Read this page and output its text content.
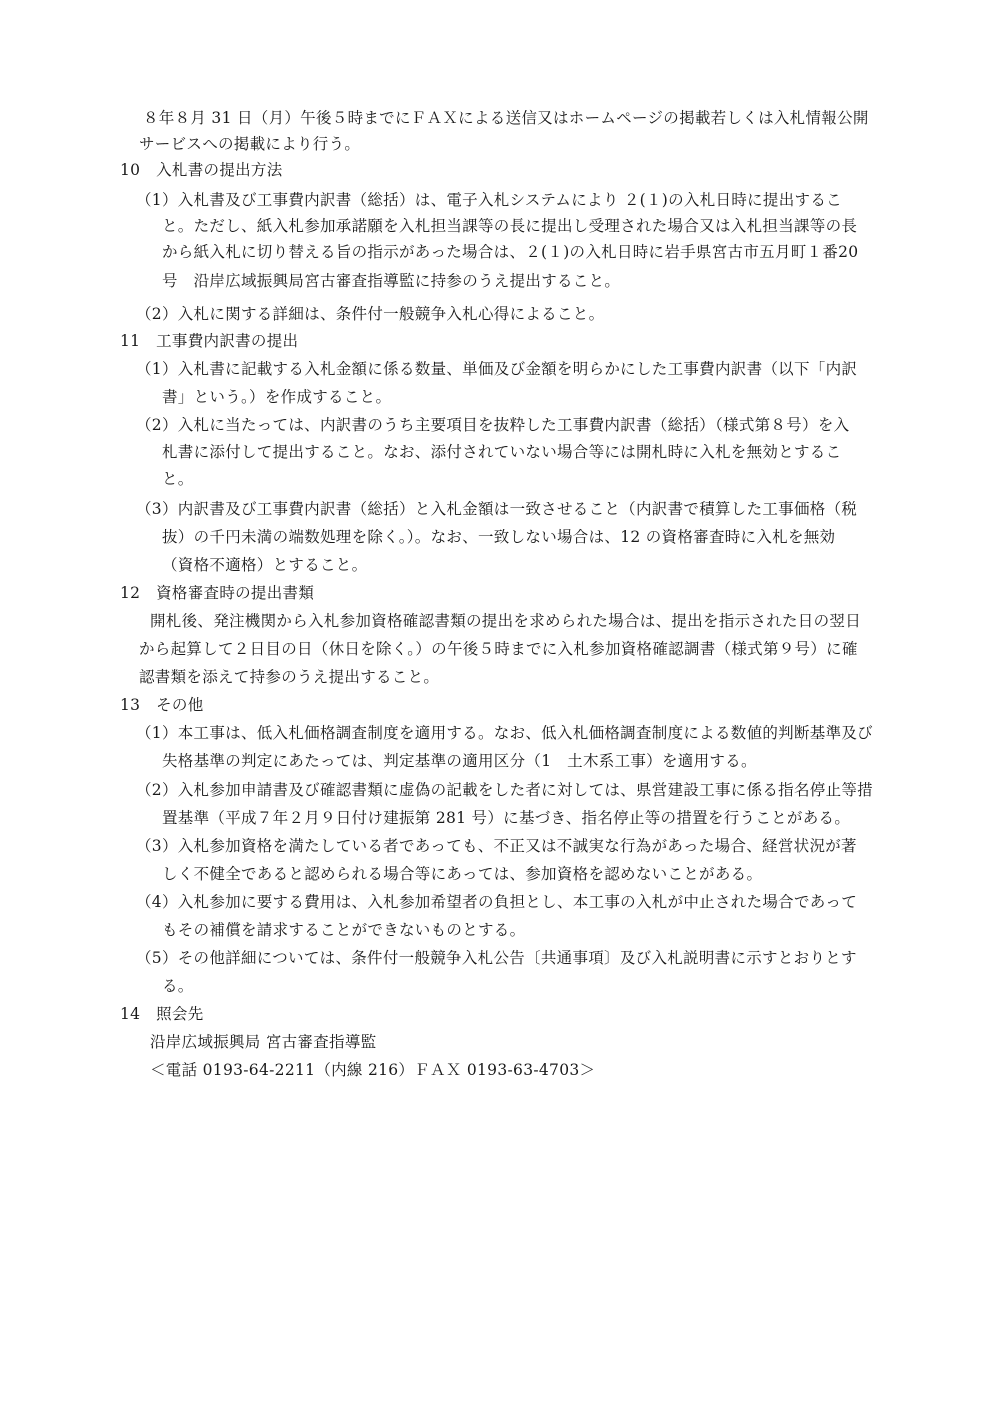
８年８月 31 日（月）午後５時までにＦＡＸによる送信又はホームページの掲載若しくは入札情報公開
サービスへの掲載により行う。
10　入札書の提出方法
（1）入札書及び工事費内訳書（総括）は、電子入札システムにより ２(１)の入札日時に提出するこ
と。ただし、紙入札参加承諾願を入札担当課等の長に提出し受理された場合又は入札担当課等の長
から紙入札に切り替える旨の指示があった場合は、２(１)の入札日時に岩手県宮古市五月町１番20
号　沿岸広域振興局宮古審査指導監に持参のうえ提出すること。
（2）入札に関する詳細は、条件付一般競争入札心得によること。
11　工事費内訳書の提出
（1）入札書に記載する入札金額に係る数量、単価及び金額を明らかにした工事費内訳書（以下「内訳
書」という。）を作成すること。
（2）入札に当たっては、内訳書のうち主要項目を抜粋した工事費内訳書（総括）（様式第８号）を入
札書に添付して提出すること。なお、添付されていない場合等には開札時に入札を無効とするこ
と。
（3）内訳書及び工事費内訳書（総括）と入札金額は一致させること（内訳書で積算した工事価格（税
抜）の千円未満の端数処理を除く。）。なお、一致しない場合は、12 の資格審査時に入札を無効
（資格不適格）とすること。
12　資格審査時の提出書類
開札後、発注機関から入札参加資格確認書類の提出を求められた場合は、提出を指示された日の翌日
から起算して２日目の日（休日を除く。）の午後５時までに入札参加資格確認調書（様式第９号）に確
認書類を添えて持参のうえ提出すること。
13　その他
（1）本工事は、低入札価格調査制度を適用する。なお、低入札価格調査制度による数値的判断基準及び
失格基準の判定にあたっては、判定基準の適用区分（1　土木系工事）を適用する。
（2）入札参加申請書及び確認書類に虚偽の記載をした者に対しては、県営建設工事に係る指名停止等措
置基準（平成７年２月９日付け建振第 281 号）に基づき、指名停止等の措置を行うことがある。
（3）入札参加資格を満たしている者であっても、不正又は不誠実な行為があった場合、経営状況が著
しく不健全であると認められる場合等にあっては、参加資格を認めないことがある。
（4）入札参加に要する費用は、入札参加希望者の負担とし、本工事の入札が中止された場合であって
もその補償を請求することができないものとする。
（5）その他詳細については、条件付一般競争入札公告〔共通事項〕及び入札説明書に示すとおりとす
る。
14　照会先
沿岸広域振興局 宮古審査指導監
＜電話 0193-64-2211（内線 216）ＦＡＸ 0193-63-4703＞
